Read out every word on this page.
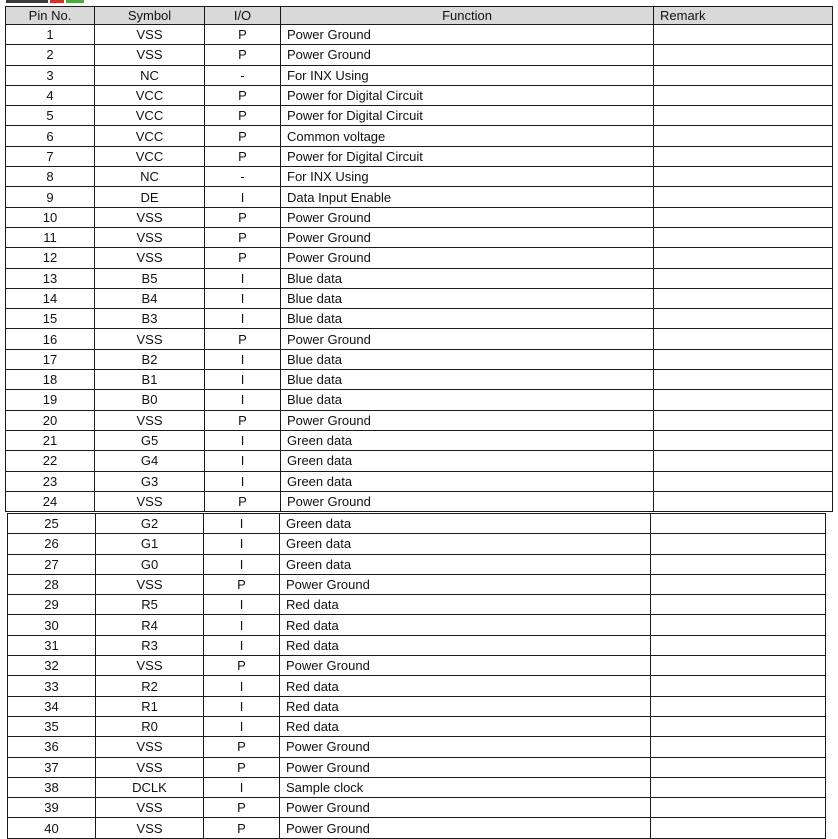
Pin No.	Symbol	I/O	Function	Remark
1	VSS	P	Power Ground	
2	VSS	P	Power Ground	
3	NC	-	For INX Using	
4	VCC	P	Power for Digital Circuit	
5	VCC	P	Power for Digital Circuit	
6	VCC	P	Common voltage	
7	VCC	P	Power for Digital Circuit	
8	NC	-	For INX Using	
9	DE	I	Data Input Enable	
10	VSS	P	Power Ground	
11	VSS	P	Power Ground	
12	VSS	P	Power Ground	
13	B5	I	Blue data	
14	B4	I	Blue data	
15	B3	I	Blue data	
16	VSS	P	Power Ground	
17	B2	I	Blue data	
18	B1	I	Blue data	
19	B0	I	Blue data	
20	VSS	P	Power Ground	
21	G5	I	Green data	
22	G4	I	Green data	
23	G3	I	Green data	
24	VSS	P	Power Ground	
25	G2	I	Green data	
26	G1	I	Green data	
27	G0	I	Green data	
28	VSS	P	Power Ground	
29	R5	I	Red data	
30	R4	I	Red data	
31	R3	I	Red data	
32	VSS	P	Power Ground	
33	R2	I	Red data	
34	R1	I	Red data	
35	R0	I	Red data	
36	VSS	P	Power Ground	
37	VSS	P	Power Ground	
38	DCLK	I	Sample clock	
39	VSS	P	Power Ground	
40	VSS	P	Power Ground	
